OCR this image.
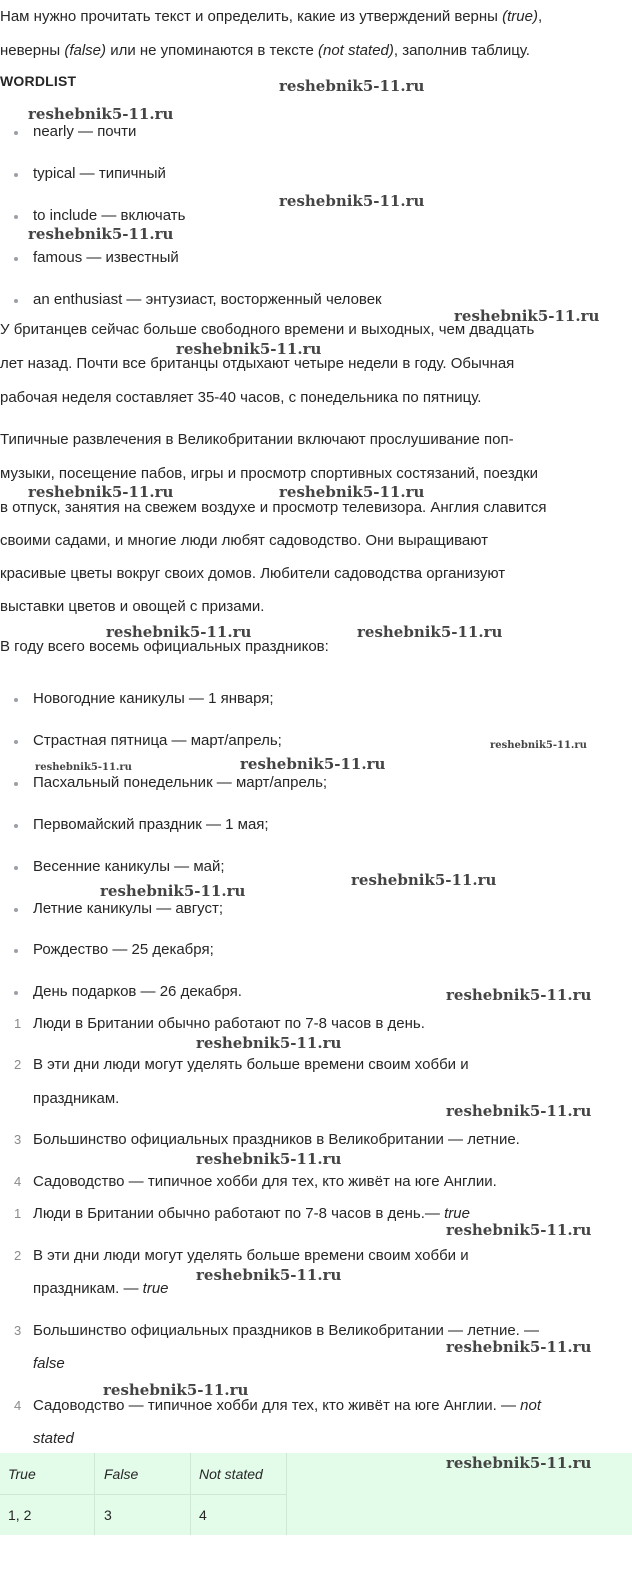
Нам нужно прочитать текст и определить, какие из утверждений верны (true),

неверны (false) или не упоминаются в тексте (not stated), заполнив таблицу.

WORDLIST
nearly — почти
typical — типичный
to include — включать
famous — известный
an enthusiast — энтузиаст, восторженный человек

У британцев сейчас больше свободного времени и выходных, чем двадцать

лет назад. Почти все британцы отдыхают четыре недели в году. Обычная

рабочая неделя составляет 35-40 часов, с понедельника по пятницу.

Типичные развлечения в Великобритании включают прослушивание поп-

музыки, посещение пабов, игры и просмотр спортивных состязаний, поездки

в отпуск, занятия на свежем воздухе и просмотр телевизора. Англия славится

своими садами, и многие люди любят садоводство. Они выращивают

красивые цветы вокруг своих домов. Любители садоводства организуют

выставки цветов и овощей с призами.

В году всего восемь официальных праздников:

Новогодние каникулы — 1 января;
Страстная пятница — март/апрель;
Пасхальный понедельник — март/апрель;
Первомайский праздник — 1 мая;
Весенние каникулы — май;
Летние каникулы — август;
Рождество — 25 декабря;
День подарков — 26 декабря.
1 Люди в Британии обычно работают по 7-8 часов в день.
2 В эти дни люди могут уделять больше времени своим хобби и
праздникам.
3 Большинство официальных праздников в Великобритании — летние.
4 Садоводство — типичное хобби для тех, кто живёт на юге Англии.
1 Люди в Британии обычно работают по 7-8 часов в день.— true
2 В эти дни люди могут уделять больше времени своим хобби и
праздникам. — true
3 Большинство официальных праздников в Великобритании — летние. —
false
4 Садоводство — типичное хобби для тех, кто живёт на юге Англии. — not
stated
True	False	Not stated
1, 2	3	4
reshebnik5-11.ru
reshebnik5-11.ru
reshebnik5-11.ru
reshebnik5-11.ru
reshebnik5-11.ru
reshebnik5-11.ru
reshebnik5-11.ru	reshebnik5-11.ru
reshebnik5-11.ru	reshebnik5-11.ru
reshebnik5-11.ru
reshebnik5-11.ru	reshebnik5-11.ru
reshebnik5-11.ru
reshebnik5-11.ru
reshebnik5-11.ru
reshebnik5-11.ru
reshebnik5-11.ru
reshebnik5-11.ru
reshebnik5-11.ru
reshebnik5-11.ru
reshebnik5-11.ru
reshebnik5-11.ru
reshebnik5-11.ru
